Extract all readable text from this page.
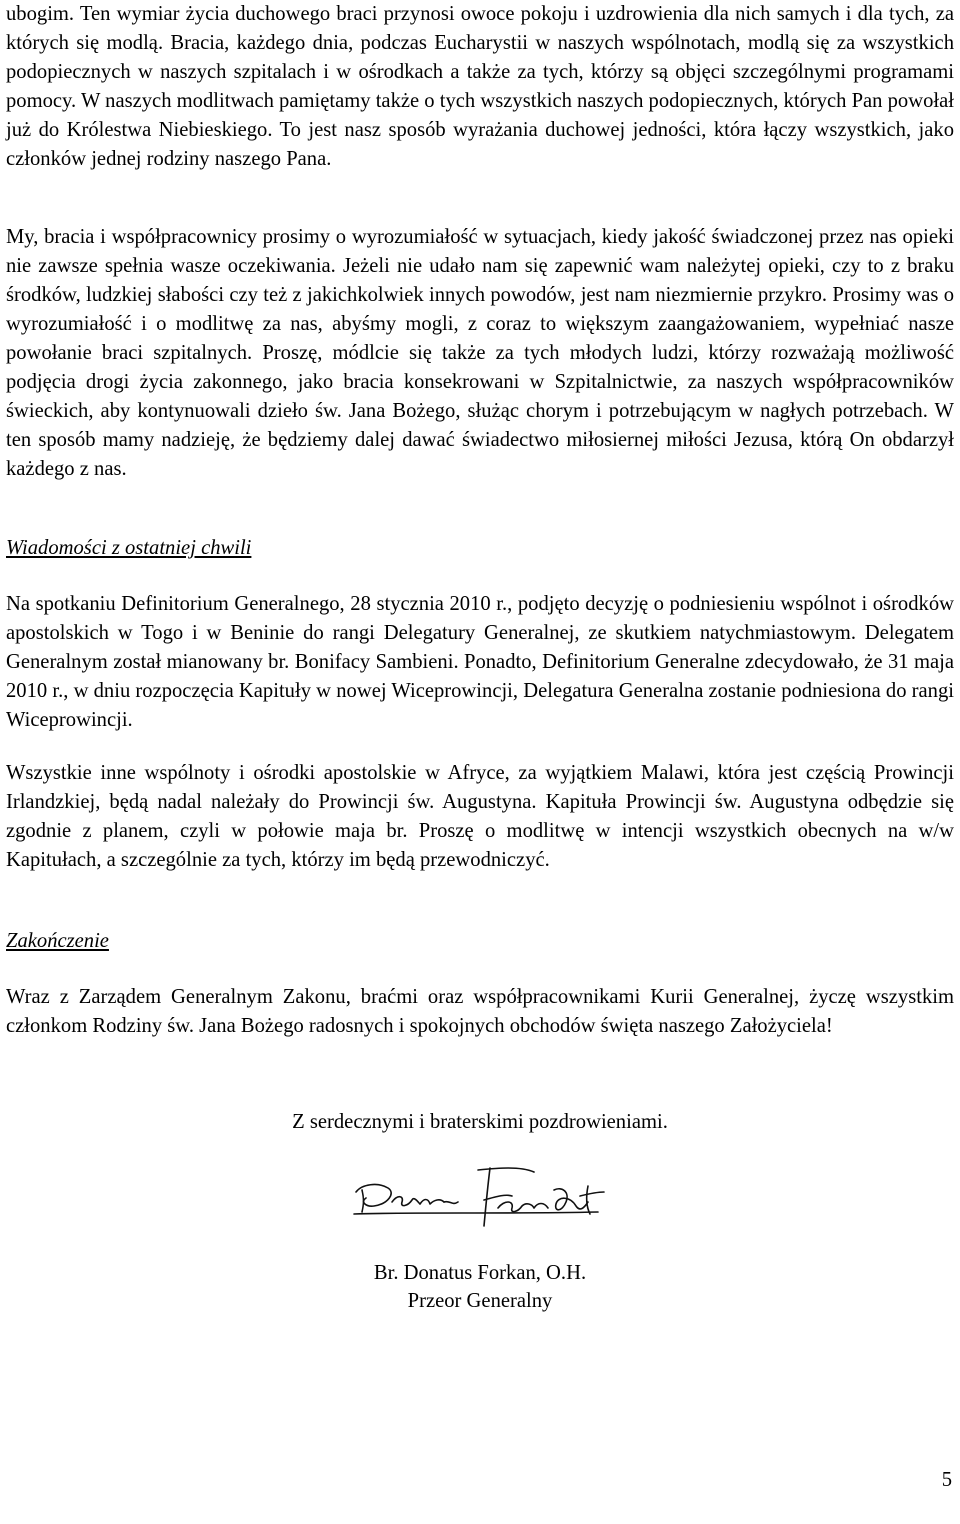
ubogim. Ten wymiar życia duchowego braci przynosi owoce pokoju i uzdrowienia dla nich samych i dla tych, za których się modlą. Bracia, każdego dnia, podczas Eucharystii w naszych wspólnotach, modlą się za wszystkich podopiecznych w naszych szpitalach i w ośrodkach a także za tych, którzy są objęci szczególnymi programami pomocy. W naszych modlitwach pamiętamy także o tych wszystkich naszych podopiecznych, których Pan powołał już do Królestwa Niebieskiego. To jest nasz sposób wyrażania duchowej jedności, która łączy wszystkich, jako członków jednej rodziny naszego Pana.

My, bracia i współpracownicy prosimy o wyrozumiałość w sytuacjach, kiedy jakość świadczonej przez nas opieki nie zawsze spełnia wasze oczekiwania. Jeżeli nie udało nam się zapewnić wam należytej opieki, czy to z braku środków, ludzkiej słabości czy też z jakichkolwiek innych powodów, jest nam niezmiernie przykro. Prosimy was o wyrozumiałość i o modlitwę za nas, abyśmy mogli, z coraz to większym zaangażowaniem, wypełniać nasze powołanie braci szpitalnych. Proszę, módlcie się także za tych młodych ludzi, którzy rozważają możliwość podjęcia drogi życia zakonnego, jako bracia konsekrowani w Szpitalnictwie, za naszych współpracowników świeckich, aby kontynuowali dzieło św. Jana Bożego, służąc chorym i potrzebującym w nagłych potrzebach. W ten sposób mamy nadzieję, że będziemy dalej dawać świadectwo miłosiernej miłości Jezusa, którą On obdarzył każdego z nas.

Wiadomości z ostatniej chwili

Na spotkaniu Definitorium Generalnego, 28 stycznia 2010 r., podjęto decyzję o podniesieniu wspólnot i ośrodków apostolskich w Togo i w Beninie do rangi Delegatury Generalnej, ze skutkiem natychmiastowym. Delegatem Generalnym został mianowany br. Bonifacy Sambieni. Ponadto, Definitorium Generalne zdecydowało, że 31 maja 2010 r., w dniu rozpoczęcia Kapituły w nowej Wiceprowincji, Delegatura Generalna zostanie podniesiona do rangi Wiceprowincji.

Wszystkie inne wspólnoty i ośrodki apostolskie w Afryce, za wyjątkiem Malawi, która jest częścią Prowincji Irlandzkiej, będą nadal należały do Prowincji św. Augustyna. Kapituła Prowincji św. Augustyna odbędzie się zgodnie z planem, czyli w połowie maja br. Proszę o modlitwę w intencji wszystkich obecnych na w/w Kapitułach, a szczególnie za tych, którzy im będą przewodniczyć.

Zakończenie

Wraz z Zarządem Generalnym Zakonu, braćmi oraz współpracownikami Kurii Generalnej, życzę wszystkim członkom Rodziny św. Jana Bożego radosnych i spokojnych obchodów święta naszego Założyciela!

Z serdecznymi i braterskimi pozdrowieniami.

Br. Donatus Forkan, O.H.

Przeor Generalny

5
